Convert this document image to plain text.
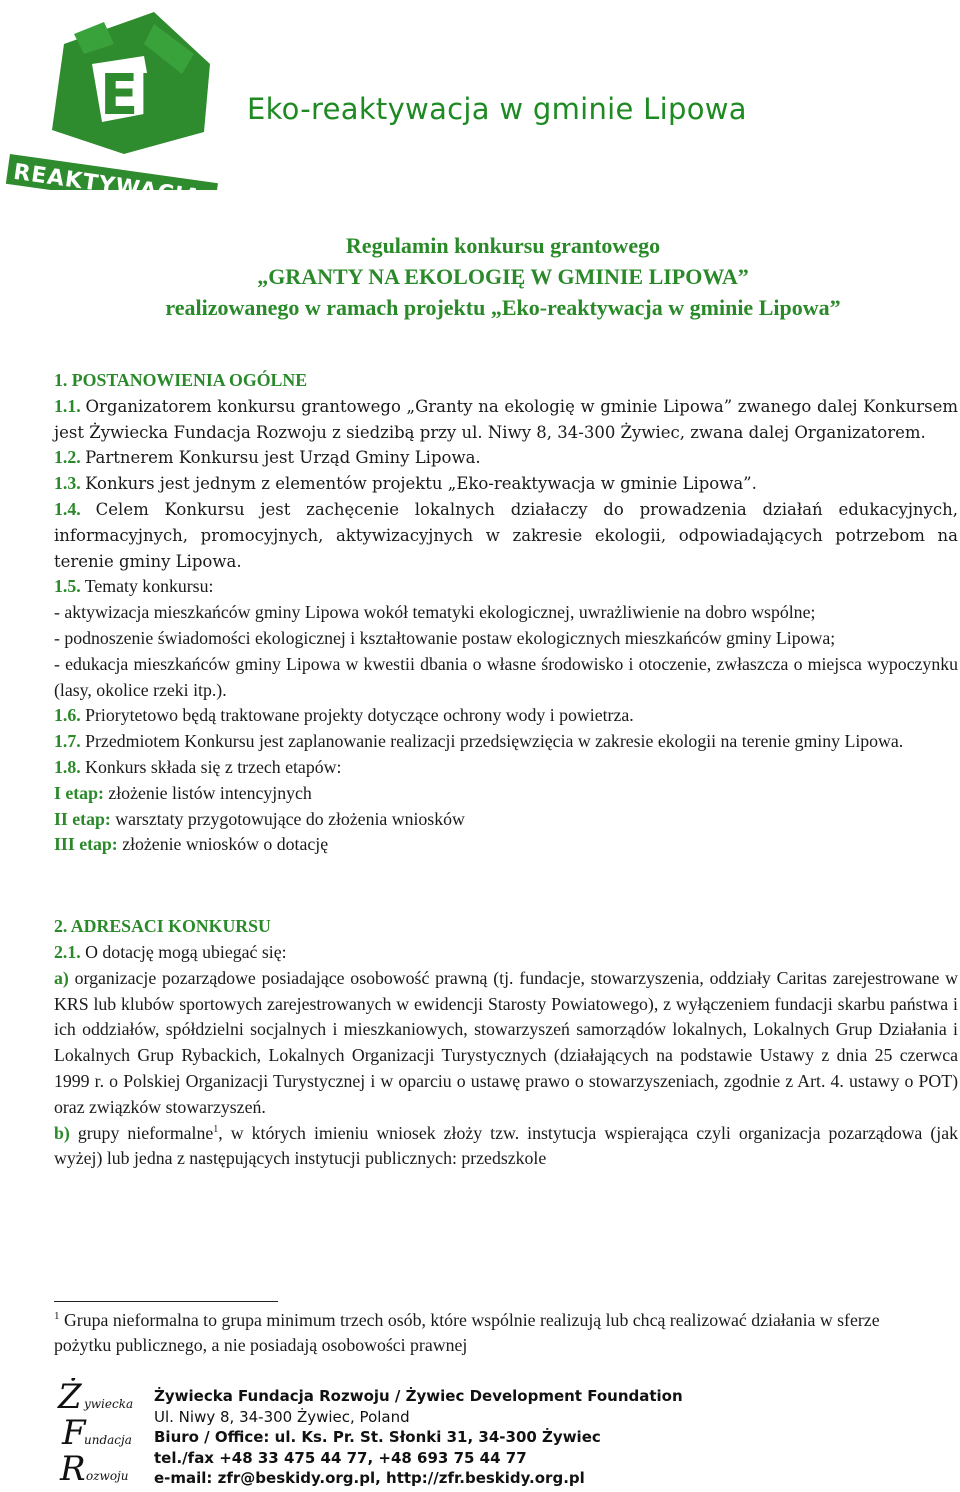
EK
REAKTYWACJA
Eko-reaktywacja w gminie Lipowa
Regulamin konkursu grantowego
„GRANTY NA EKOLOGIĘ W GMINIE LIPOWA”
realizowanego w ramach projektu „Eko-reaktywacja w gminie Lipowa”

1. POSTANOWIENIA OGÓLNE

1.1. Organizatorem konkursu grantowego „Granty na ekologię w gminie Lipowa” zwanego dalej Konkursem jest Żywiecka Fundacja Rozwoju z siedzibą przy ul. Niwy 8, 34-300 Żywiec, zwana dalej Organizatorem.

1.2. Partnerem Konkursu jest Urząd Gminy Lipowa.

1.3. Konkurs jest jednym z elementów projektu „Eko-reaktywacja w gminie Lipowa”.

1.4. Celem Konkursu jest zachęcenie lokalnych działaczy do prowadzenia działań edukacyjnych, informacyjnych, promocyjnych, aktywizacyjnych w zakresie ekologii, odpowiadających potrzebom na terenie gminy Lipowa.

1.5. Tematy konkursu:

- aktywizacja mieszkańców gminy Lipowa wokół tematyki ekologicznej, uwrażliwienie na dobro wspólne;

- podnoszenie świadomości ekologicznej i kształtowanie postaw ekologicznych mieszkańców gminy Lipowa;

- edukacja mieszkańców gminy Lipowa w kwestii dbania o własne środowisko i otoczenie, zwłaszcza o miejsca wypoczynku (lasy, okolice rzeki itp.).

1.6. Priorytetowo będą traktowane projekty dotyczące ochrony wody i powietrza.

1.7. Przedmiotem Konkursu jest zaplanowanie realizacji przedsięwzięcia w zakresie ekologii na terenie gminy Lipowa.

1.8. Konkurs składa się z trzech etapów:

I etap: złożenie listów intencyjnych

II etap: warsztaty przygotowujące do złożenia wniosków

III etap: złożenie wniosków o dotację

2. ADRESACI KONKURSU

2.1. O dotację mogą ubiegać się:

a) organizacje pozarządowe posiadające osobowość prawną (tj. fundacje, stowarzyszenia, oddziały Caritas zarejestrowane w KRS lub klubów sportowych zarejestrowanych w ewidencji Starosty Powiatowego), z wyłączeniem fundacji skarbu państwa i ich oddziałów, spółdzielni socjalnych i mieszkaniowych, stowarzyszeń samorządów lokalnych, Lokalnych Grup Działania i Lokalnych Grup Rybackich, Lokalnych Organizacji Turystycznych (działających na podstawie Ustawy z dnia 25 czerwca 1999 r. o Polskiej Organizacji Turystycznej i w oparciu o ustawę prawo o stowarzyszeniach, zgodnie z Art. 4. ustawy o POT) oraz związków stowarzyszeń.

b) grupy nieformalne$^1$, w których imieniu wniosek złoży tzw. instytucja wspierająca czyli organizacja pozarządowa (jak wyżej) lub jedna z następujących instytucji publicznych: przedszkole

$^1$ Grupa nieformalna to grupa minimum trzech osób, które wspólnie realizują lub chcą realizować działania w sferze pożytku publicznego, a nie posiadają osobowości prawnej
Ż ywiecka
F
undacja
R ozwoju
Żywiecka Fundacja Rozwoju / Żywiec Development Foundation
Ul. Niwy 8, 34-300 Żywiec, Poland
Biuro / Office: ul. Ks. Pr. St. Słonki 31, 34-300 Żywiec
tel./fax +48 33 475 44 77, +48 693 75 44 77
e-mail: zfr@beskidy.org.pl, http://zfr.beskidy.org.pl
